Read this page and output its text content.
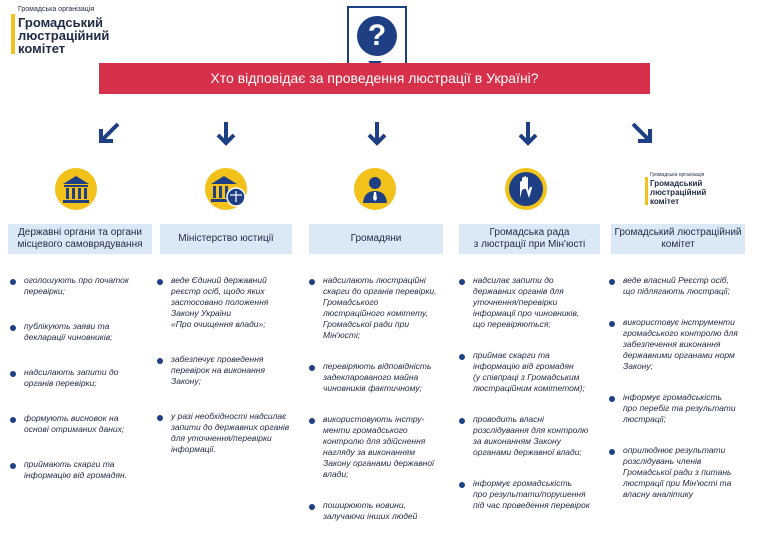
Громадська організація
Громадський
люстраційний
комітет	?
Хто відповідає за проведення люстрації в Україні?
Громадська організація
Громадський
люстраційний
комітет
Державні органи та органи
місцевого самоврядування
Міністерство юстиції	Громадяни
Громадська рада
з люстрації при Мін'юсті
Громадський люстраційний
комітет
оголошують про початок
перевірки;
публікують заяви та
декларації чиновників;
надсилають запити до
органів перевірки;
формують висновок на
основі отриманих даних;
приймають скарги та
інформацію від громадян.
веде Єдиний державний
реєстр осіб, щодо яких
застосовано положення
Закону України
«Про очищення влади»;
забезпечує проведення
перевірок на виконання
Закону;
у разі необхідності надсилає
запити до державних органів
для уточнення/перевірки
інформації.
надсилають люстраційні
скарги до органів перевірки,
Громадського
люстраційного комітету,
Громадської ради при
Мін'юсті;
перевіряють відповідність
задекларованого майна
чиновників фактичному;
використовують інстру-
менти громадського
контролю для здійснення
нагляду за виконанням
Закону органами державної
влади;
поширюють новини,
залучаючи інших людей
надсилає запити до
державних органів для
уточнення/перевірки
інформації про чиновників,
що перевіряються;
приймає скарги та
інформацію від громадян
(у співпраці з Громадським
люстраційним комітетом);
проводить власні
розслідування для контролю
за виконанням Закону
органами державної влади;
інформує громадськість
про результати/порушення
під час проведення перевірок
веде власний Реєстр осіб,
що підлягають люстрації;
використовує інструменти
громадського контролю для
забезпечення виконання
державними органами норм
Закону;
інформує громадськість
про перебіг та результати
люстрації;
оприлюднює результати
розслідувань членів
Громадської ради з питань
люстрації при Мін'юсті та
власну аналітику
